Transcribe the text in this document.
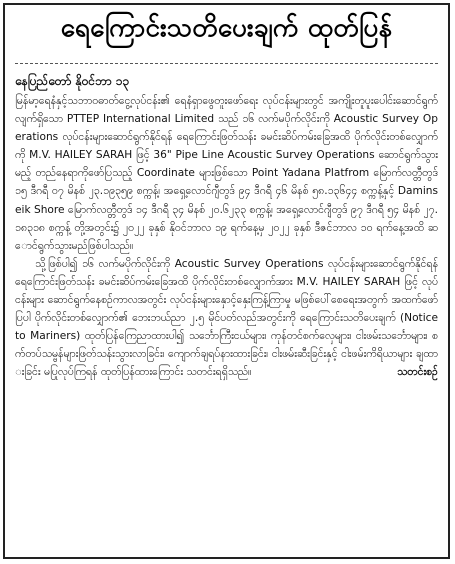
ရေကြောင်းသတိပေးချက် ထုတ်ပြန်
နေပြည်တော် နိုဝင်ဘာ ၁၃

မြန်မာ့ရေနံနှင့်သဘာဝဓာတ်ငွေ့လုပ်ငန်း၏ ရေနံရှာဖွေတူးဖော်ရေး လုပ်ငန်းများတွင် အကျိုးတူပူးပေါင်းဆောင်ရွက်လျက်ရှိသော PTTEP International Limited သည် ၁၆ လက်မပိုက်လိုင်းကို Acoustic Survey Operations လုပ်ငန်းများဆောင်ရွက်နိုင်ရန် ရေကြောင်းဖြတ်သန်း ခမင်းဆိပ်ကမ်းခြေအထိ ပိုက်လိုင်းတစ်လျှောက်ကို M.V. HAILEY SARAH ဖြင့် 36" Pipe Line Acoustic Survey Operations ဆောင်ရွက်သွားမည့် တည်နေရာကိုဖော်ပြသည့် Coordinate များဖြစ်သော Point Yadana Platfrom မြောက်လတ္တီတွဒ် ၁၅ ဒီဂရီ ၀၇ မိနစ် ၂၃.၁၉၃၅၉ စက္ကန့်၊ အရှေ့လောင်ဂျီတွဒ် ၉၄ ဒီဂရီ ၄၆ မိနစ် ၅၈.၁၃၆၄၄ စက္ကန့်နှင့် Daminseik Shore မြောက်လတ္တီတွဒ် ၁၄ ဒီဂရီ ၃၄ မိနစ် ၂၀.၆၂၃၃ စက္ကန့်၊ အရှေ့လောင်ဂျီတွဒ် ၉၇ ဒီဂရီ ၅၄ မိနစ် ၂၇.၁၈၃၁၈ စက္ကန့် တို့အတွင်း၌ ၂၀၂၂ ခုနှစ် နိုဝင်ဘာလ ၁၉ ရက်နေ့မှ ၂၀၂၂ ခုနှစ် ဒီဇင်ဘာလ ၁၀ ရက်နေ့အထိ ဆောင်ရွက်သွားမည်ဖြစ်ပါသည်။

သို့ဖြစ်ပါ၍ ၁၆ လက်မပိုက်လိုင်းကို Acoustic Survey Operations လုပ်ငန်းများဆောင်ရွက်နိုင်ရန် ရေကြောင်းဖြတ်သန်း ခမင်းဆိပ်ကမ်းခြေအထိ ပိုက်လိုင်းတစ်လျှောက်အား M.V. HAILEY SARAH ဖြင့် လုပ်ငန်းများ ဆောင်ရွက်နေစဉ်ကာလအတွင်း လုပ်ငန်းများနှောင့်နှေးကြန့်ကြာမှု မဖြစ်ပေါ်စေရေးအတွက် အထက်ဖော်ပြပါ ပိုက်လိုင်းတစ်လျှောက်၏ ဘေးဘယ်ညာ ၂.၅ မိုင်ပတ်လည်အတွင်းကို ရေကြောင်းသတိပေးချက် (Notice to Mariners) ထုတ်ပြန်ကြေညာထားပါ၍ သင်္ဘောကြီးငယ်များ၊ ကုန်တင်စက်လှေများ၊ ငါးဖမ်းသင်္ဘောများ၊ စက်တပ်သမ္ဗန်များဖြတ်သန်းသွားလာခြင်း၊ ကျောက်ချရပ်နားထားခြင်း၊ ငါးဖမ်းဆီးခြင်းနှင့် ငါးဖမ်းကိရိယာများ ချထားခြင်း မပြုလုပ်ကြရန် ထုတ်ပြန်ထားကြောင်း သတင်းရရှိသည်။	သတင်းစဉ်
